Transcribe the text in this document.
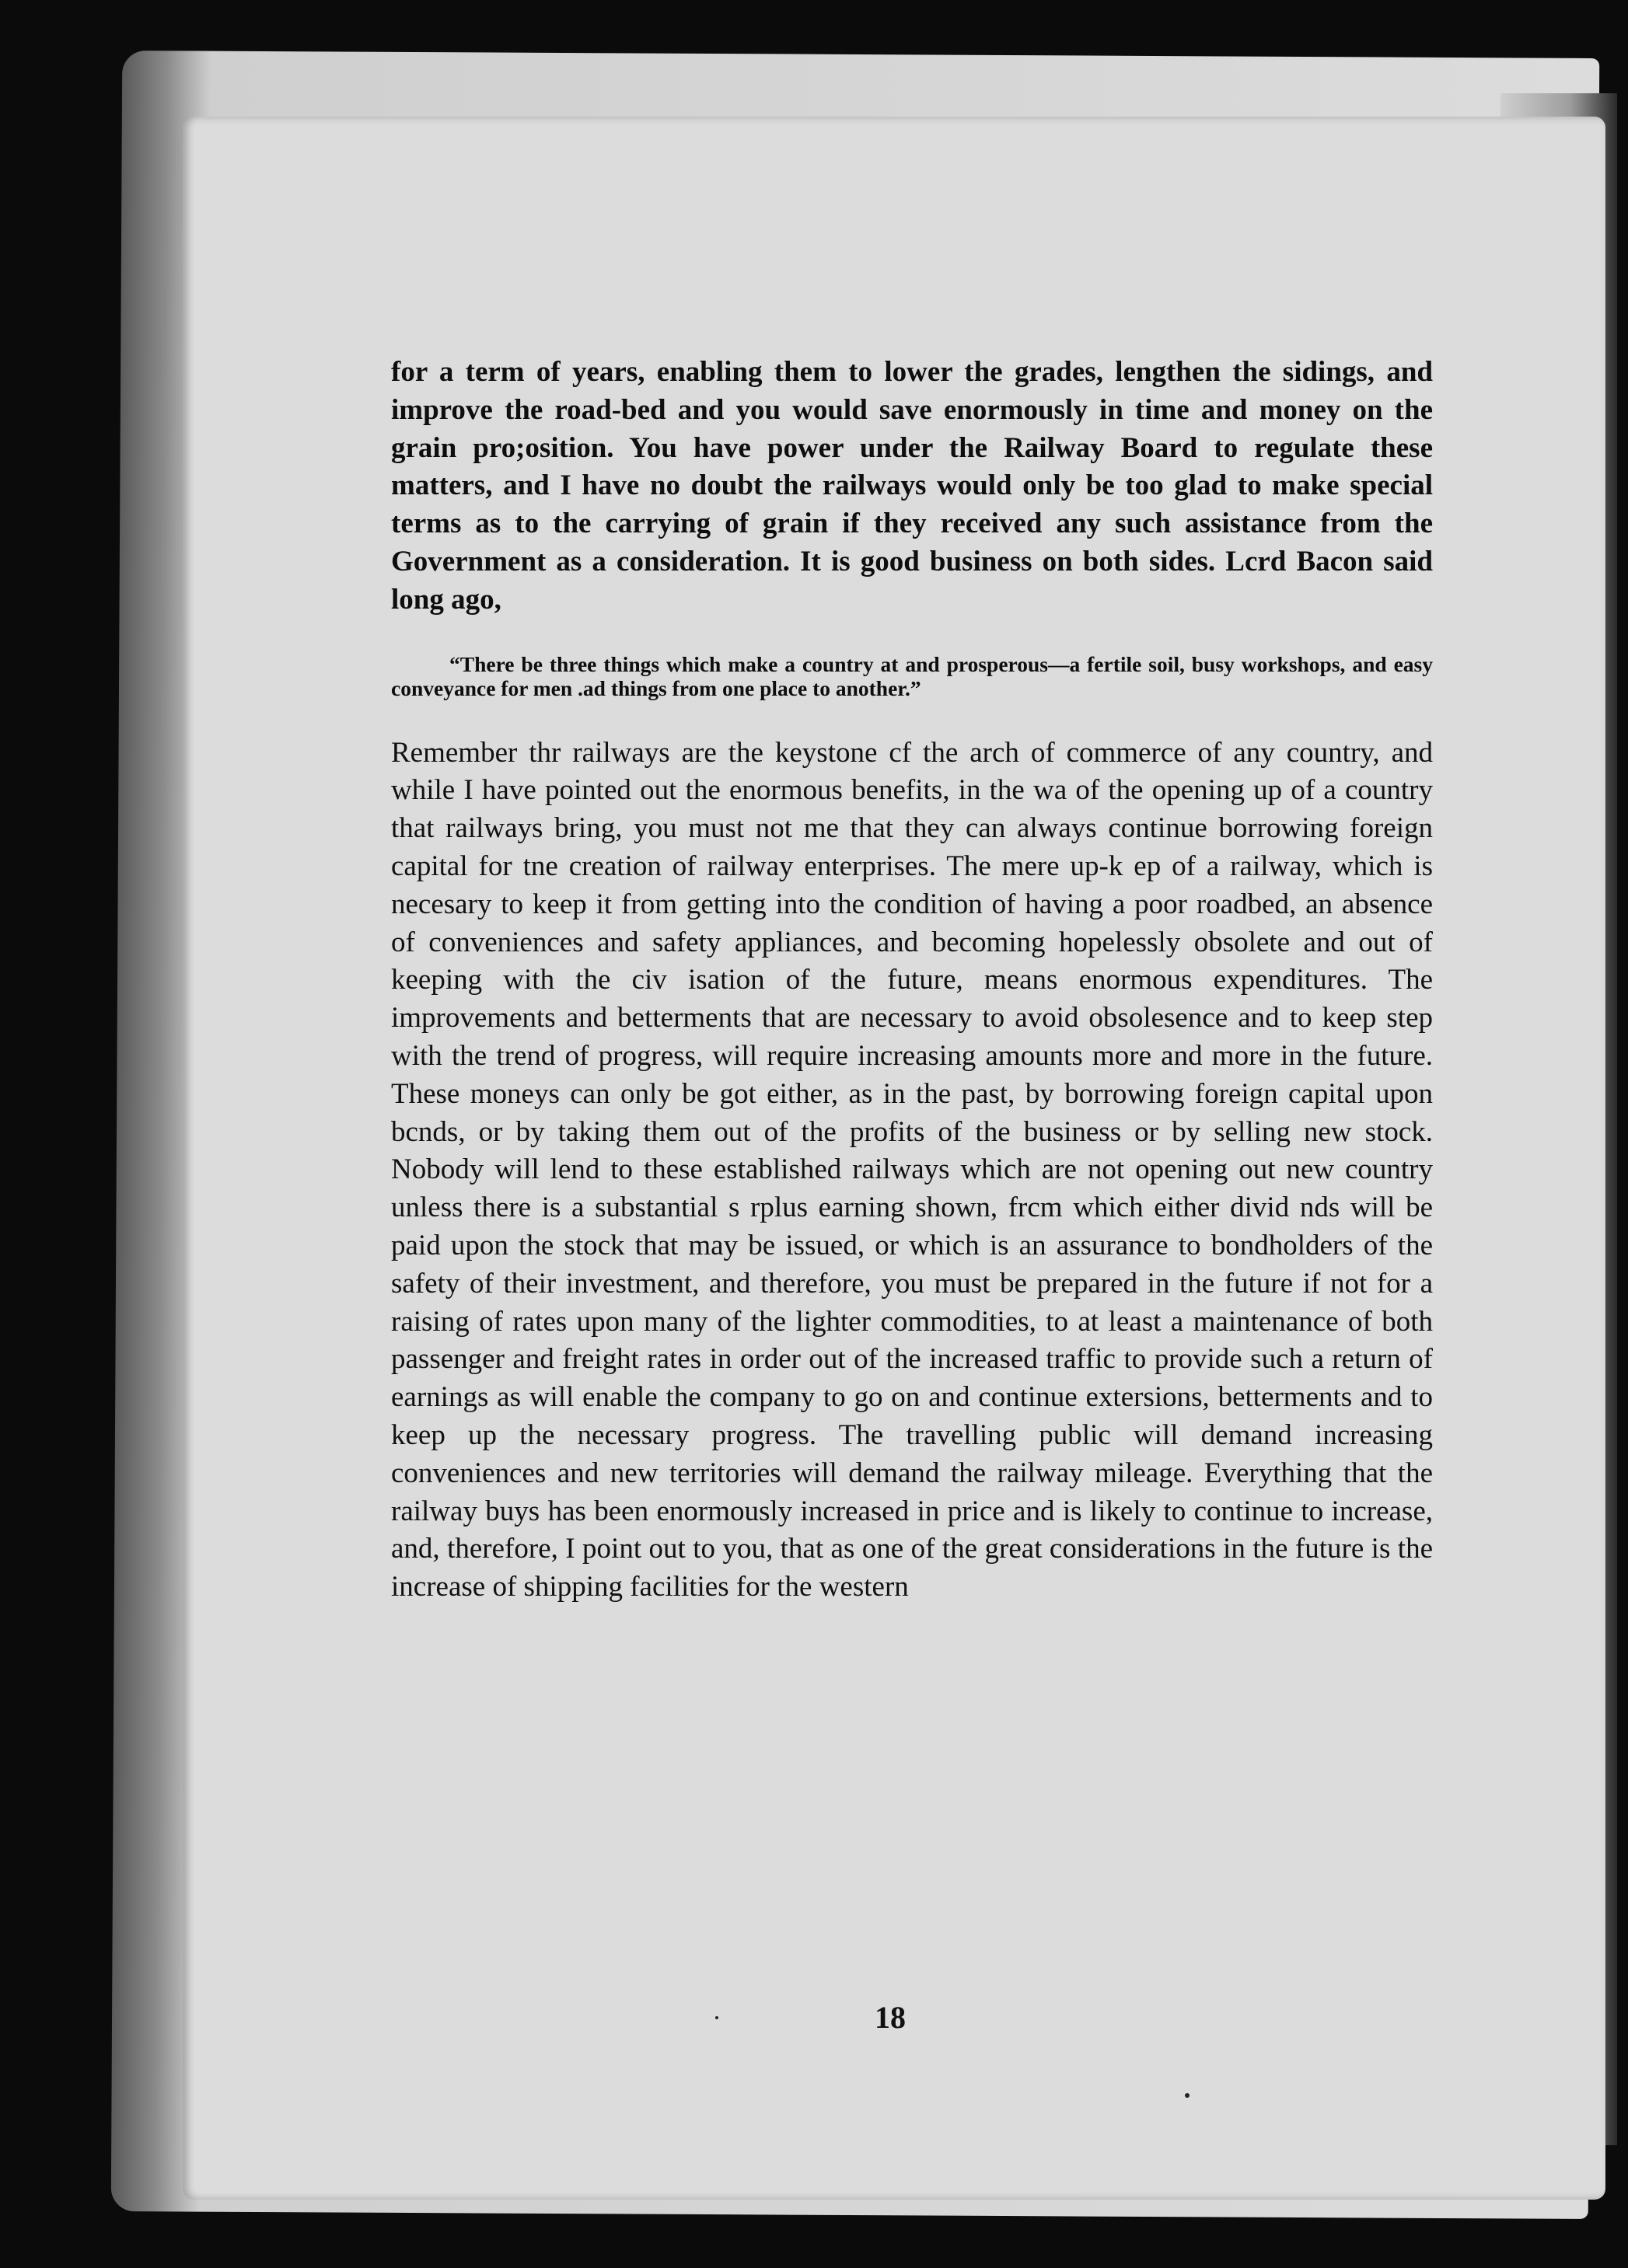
for a term of years, enabling them to lower the grades, lengthen the sidings, and improve the road-bed and you would save enormously in time and money on the grain pro;osition. You have power under the Railway Board to regulate these matters, and I have no doubt the railways would only be too glad to make special terms as to the carrying of grain if they received any such assistance from the Government as a consideration. It is good business on both sides. Lcrd Bacon said long ago,

“There be three things which make a country at and prosperous—a fertile soil, busy workshops, and easy conveyance for men .ad things from one place to another.”

Remember thr railways are the keystone cf the arch of commerce of any country, and while I have pointed out the enormous benefits, in the wa of the opening up of a country that railways bring, you must not me that they can always continue borrowing foreign capital for tne creation of railway enterprises. The mere up-k ep of a railway, which is necesary to keep it from getting into the condition of having a poor roadbed, an absence of conveniences and safety appliances, and becoming hopelessly obsolete and out of keeping with the civ isation of the future, means enormous expenditures. The improvements and betterments that are necessary to avoid obsolesence and to keep step with the trend of progress, will require increasing amounts more and more in the future. These moneys can only be got either, as in the past, by borrowing foreign capital upon bcnds, or by taking them out of the profits of the business or by selling new stock. Nobody will lend to these established railways which are not opening out new country unless there is a substantial s rplus earning shown, frcm which either divid nds will be paid upon the stock that may be issued, or which is an assurance to bondholders of the safety of their investment, and therefore, you must be prepared in the future if not for a raising of rates upon many of the lighter commodities, to at least a maintenance of both passenger and freight rates in order out of the increased traffic to provide such a return of earnings as will enable the company to go on and continue extersions, betterments and to keep up the necessary progress. The travelling public will demand increasing conveniences and new territories will demand the railway mileage. Everything that the railway buys has been enormously increased in price and is likely to continue to increase, and, therefore, I point out to you, that as one of the great considerations in the future is the increase of shipping facilities for the western

18
